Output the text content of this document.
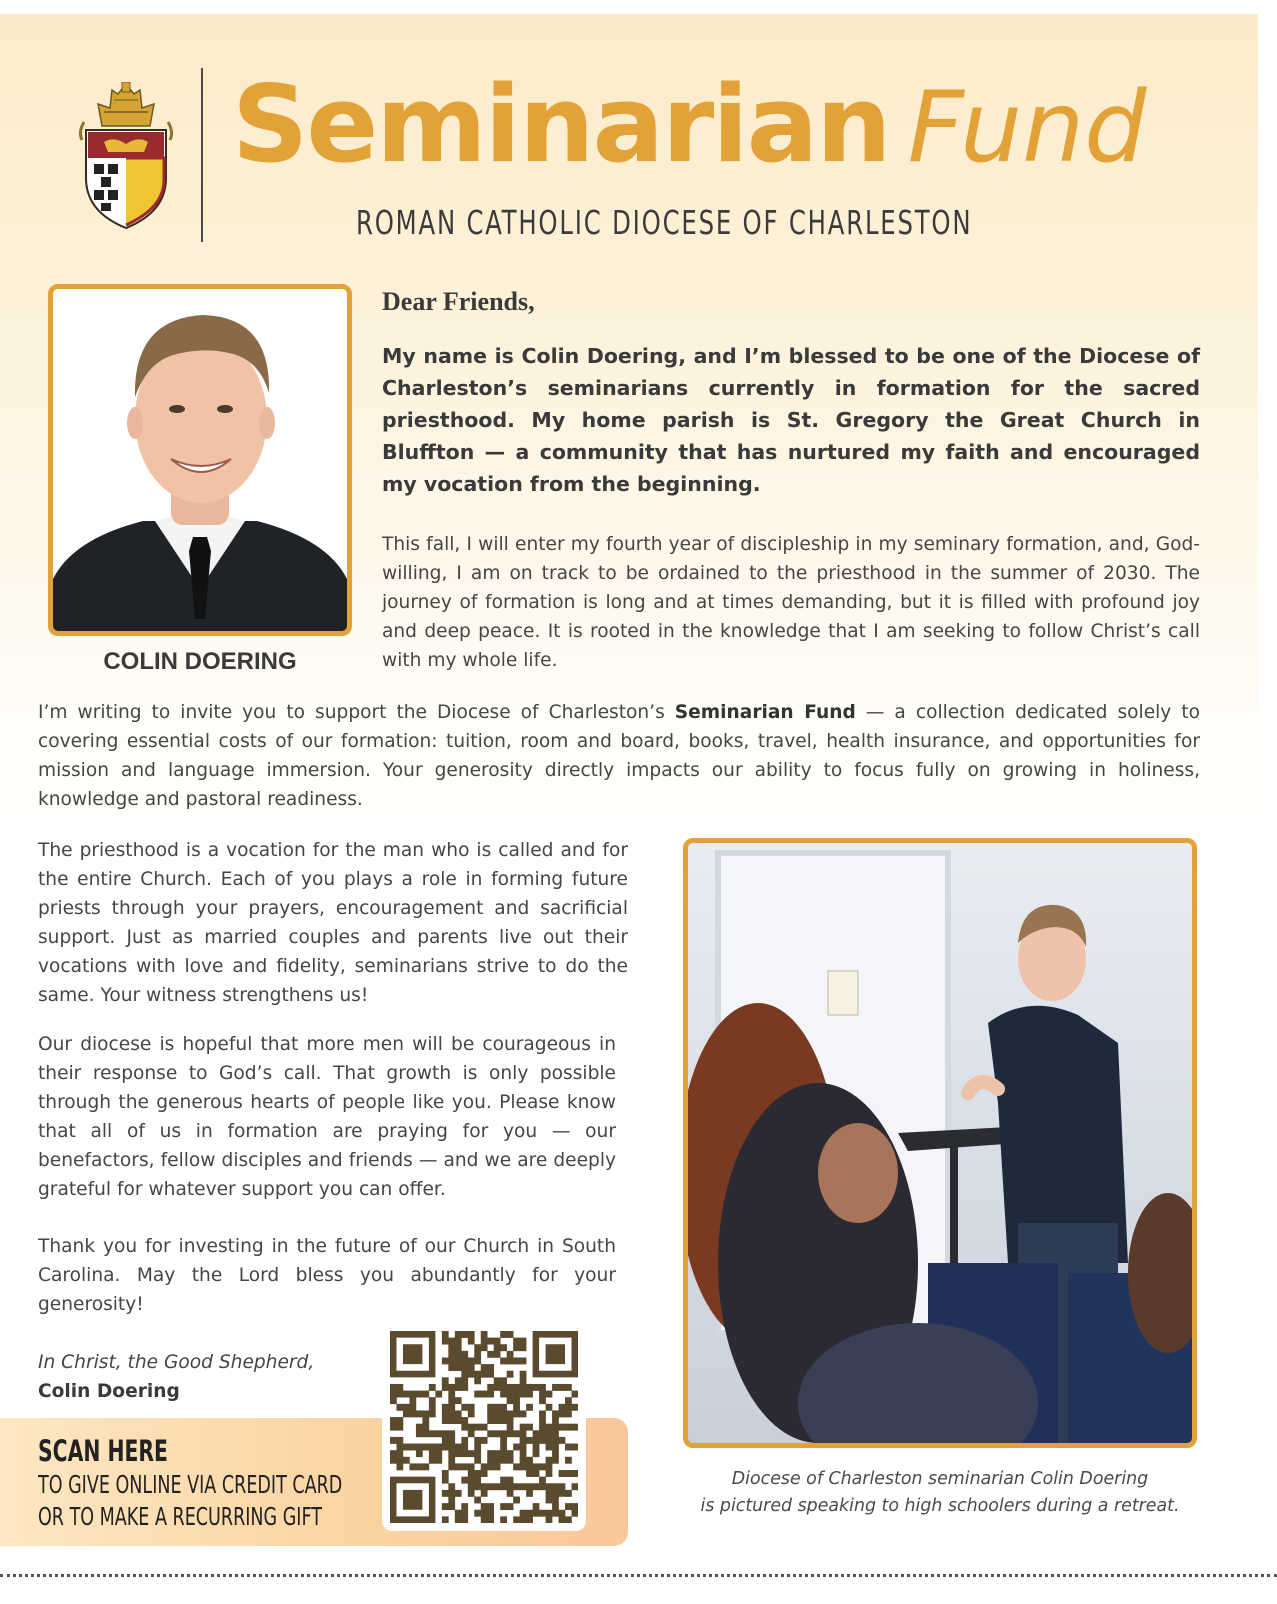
Seminarian Fund
ROMAN CATHOLIC DIOCESE OF CHARLESTON
COLIN DOERING
Dear Friends,
My name is Colin Doering, and I’m blessed to be one of the Diocese of Charleston’s seminarians currently in formation for the sacred priesthood. My home parish is St. Gregory the Great Church in Bluffton — a community that has nurtured my faith and encouraged my vocation from the beginning.
This fall, I will enter my fourth year of discipleship in my seminary formation, and, God-willing, I am on track to be ordained to the priesthood in the summer of 2030. The journey of formation is long and at times demanding, but it is filled with profound joy and deep peace. It is rooted in the knowledge that I am seeking to follow Christ’s call with my whole life.
I’m writing to invite you to support the Diocese of Charleston’s Seminarian Fund — a collection dedicated solely to covering essential costs of our formation: tuition, room and board, books, travel, health insurance, and opportunities for mission and language immersion. Your generosity directly impacts our ability to focus fully on growing in holiness, knowledge and pastoral readiness.
The priesthood is a vocation for the man who is called and for the entire Church. Each of you plays a role in forming future priests through your prayers, encouragement and sacrificial support. Just as married couples and parents live out their vocations with love and fidelity, seminarians strive to do the same. Your witness strengthens us!
Our diocese is hopeful that more men will be courageous in their response to God’s call. That growth is only possible through the generous hearts of people like you. Please know that all of us in formation are praying for you — our benefactors, fellow disciples and friends — and we are deeply grateful for whatever support you can offer.
Thank you for investing in the future of our Church in South Carolina. May the Lord bless you abundantly for your generosity!
In Christ, the Good Shepherd,
Colin Doering
SCAN HERE
TO GIVE ONLINE VIA CREDIT CARD
OR TO MAKE A RECURRING GIFT
Diocese of Charleston seminarian Colin Doering
is pictured speaking to high schoolers during a retreat.
